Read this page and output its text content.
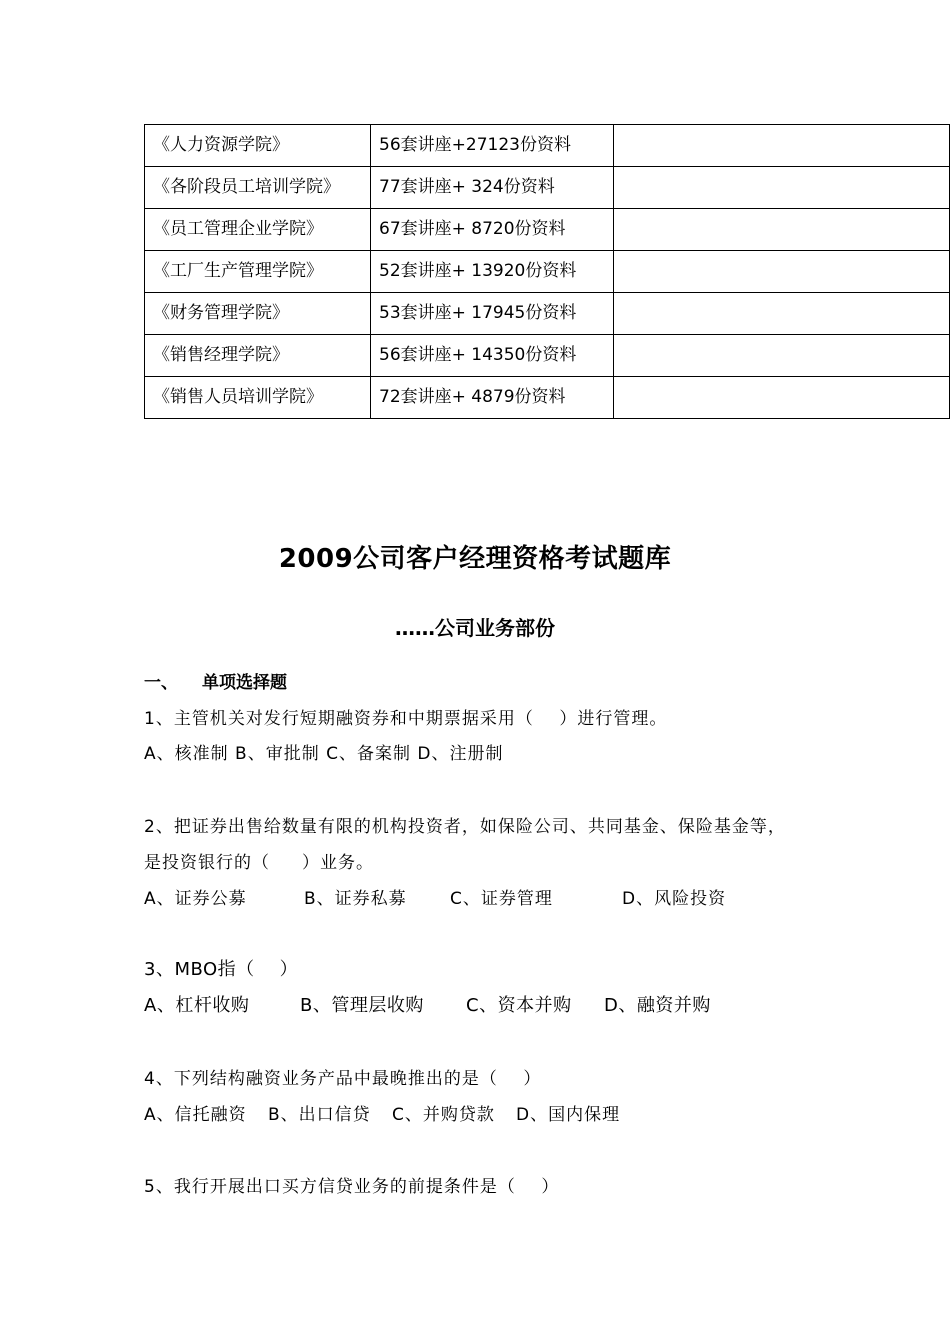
《人力资源学院》	56套讲座+27123份资料	
《各阶段员工培训学院》	77套讲座+ 324份资料	
《员工管理企业学院》	67套讲座+ 8720份资料	
《工厂生产管理学院》	52套讲座+ 13920份资料	
《财务管理学院》	53套讲座+ 17945份资料	
《销售经理学院》	56套讲座+ 14350份资料	
《销售人员培训学院》	72套讲座+ 4879份资料	
2009公司客户经理资格考试题库
……公司业务部份
一、 单项选择题
1、主管机关对发行短期融资券和中期票据采用（    ）进行管理。
A、核准制 B、审批制 C、备案制 D、注册制
2、把证券出售给数量有限的机构投资者，如保险公司、共同基金、保险基金等，
是投资银行的（     ）业务。
A、证券公募	B、证券私募	C、证券管理	D、风险投资
3、MBO指（    ）
A、杠杆收购	B、管理层收购 C、资本并购 D、融资并购
4、下列结构融资业务产品中最晚推出的是（    ）
A、信托融资 B、出口信贷 C、并购贷款 D、国内保理
5、我行开展出口买方信贷业务的前提条件是（    ）
